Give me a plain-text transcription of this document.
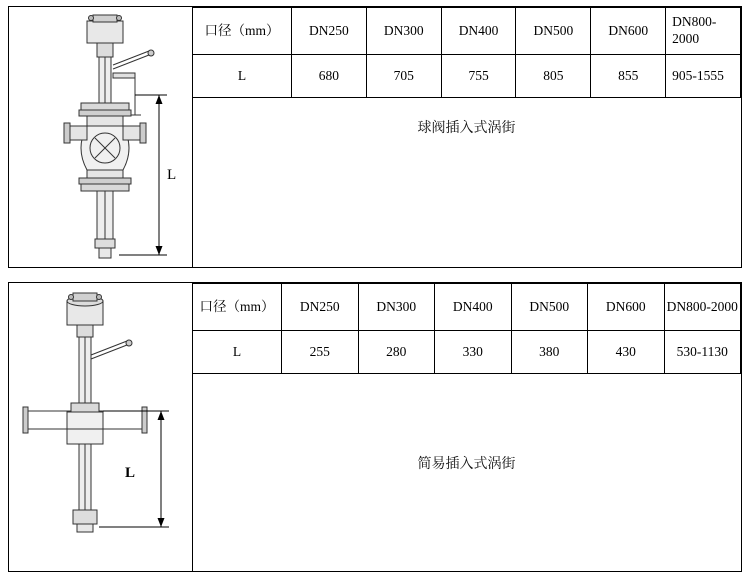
L
口径（mm）	DN250	DN300	DN400	DN500	DN600	DN800-2000
L	680	705	755	805	855	905-1555
球阀插入式涡街
L
口径（mm）	DN250	DN300	DN400	DN500	DN600	DN800-2000
L	255	280	330	380	430	530-1130
简易插入式涡街
